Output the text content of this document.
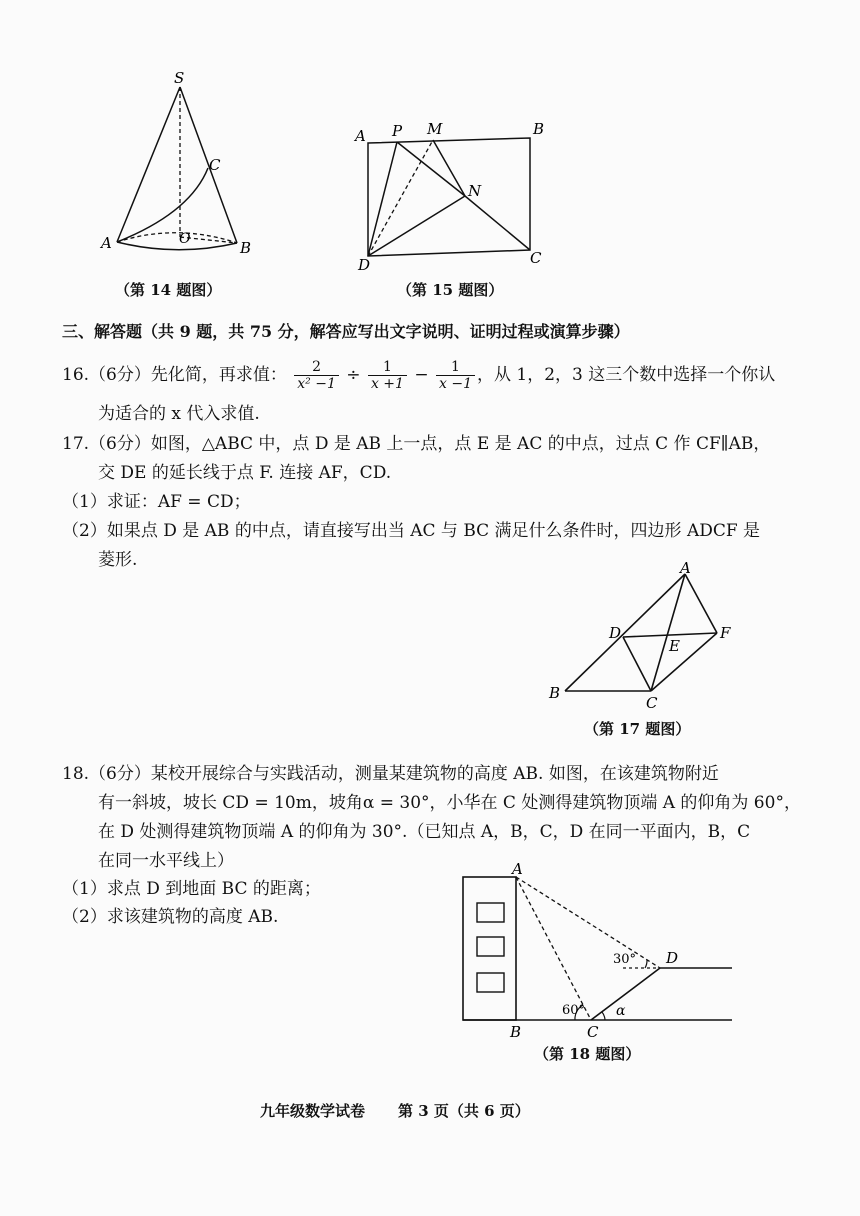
S
C
A	O	B
（第 14 题图）
A P M	B
N
D	C
（第 15 题图）
三、解答题（共 9 题，共 75 分，解答应写出文字说明、证明过程或演算步骤）
16.（6分）先化简，再求值： $\frac{2}{\text{x² −1}} \div \frac{1}{x +1} - \frac{1}{x -1}$ ，从 1，2，3 这三个数中选择一个你认
为适合的 x 代入求值.
17.（6分）如图，△ABC 中，点 D 是 AB 上一点，点 E 是 AC 的中点，过点 C 作 CF∥AB，
交 DE 的延长线于点 F. 连接 AF，CD.
（1）求证：AF = CD；
（2）如果点 D 是 AB 的中点，请直接写出当 AC 与 BC 满足什么条件时，四边形 ADCF 是
菱形.	A
D
E
F
B
C
（第 17 题图）
18.（6分）某校开展综合与实践活动，测量某建筑物的高度 AB. 如图，在该建筑物附近
有一斜坡，坡长 CD = 10m，坡角α = 30°，小华在 C 处测得建筑物顶端 A 的仰角为 60°，
在 D 处测得建筑物顶端 A 的仰角为 30°.（已知点 A，B，C，D 在同一平面内，B，C
在同一水平线上）
（1）求点 D 到地面 BC 的距离；
（2）求该建筑物的高度 AB.
A
D
B	C
30°
60° α
（第 18 题图）
九年级数学试卷 第 3 页（共 6 页）
